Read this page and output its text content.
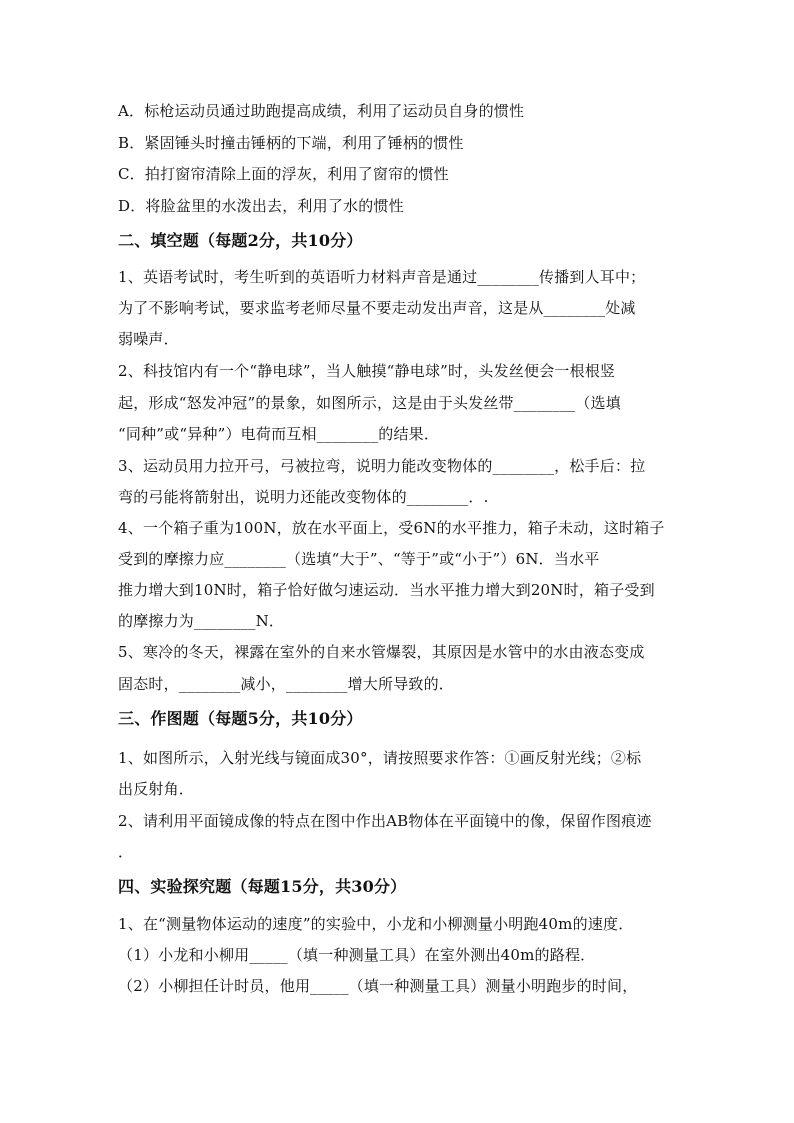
A．标枪运动员通过助跑提高成绩，利用了运动员自身的惯性
B．紧固锤头时撞击锤柄的下端，利用了锤柄的惯性
C．拍打窗帘清除上面的浮灰，利用了窗帘的惯性
D．将脸盆里的水泼出去，利用了水的惯性
二、填空题（每题2分，共10分）
1、英语考试时，考生听到的英语听力材料声音是通过________传播到人耳中；
为了不影响考试，要求监考老师尽量不要走动发出声音，这是从________处减
弱噪声．
2、科技馆内有一个“静电球”，当人触摸“静电球”时，头发丝便会一根根竖
起，形成“怒发冲冠”的景象，如图所示，这是由于头发丝带________（选填
“同种”或“异种”）电荷而互相________的结果．
3、运动员用力拉开弓，弓被拉弯，说明力能改变物体的________，松手后：拉
弯的弓能将箭射出，说明力还能改变物体的________．.
4、一个箱子重为100N，放在水平面上，受6N的水平推力，箱子未动，这时箱子
受到的摩擦力应________（选填“大于”、“等于”或“小于”）6N．当水平
推力增大到10N时，箱子恰好做匀速运动．当水平推力增大到20N时，箱子受到
的摩擦力为________N．
5、寒冷的冬天，裸露在室外的自来水管爆裂，其原因是水管中的水由液态变成
固态时，________减小，________增大所导致的．
三、作图题（每题5分，共10分）
1、如图所示，入射光线与镜面成30°，请按照要求作答：①画反射光线；②标
出反射角．
2、请利用平面镜成像的特点在图中作出AB物体在平面镜中的像，保留作图痕迹
．
四、实验探究题（每题15分，共30分）
1、在“测量物体运动的速度”的实验中，小龙和小柳测量小明跑40m的速度．
（1）小龙和小柳用_____（填一种测量工具）在室外测出40m的路程．
（2）小柳担任计时员，他用_____（填一种测量工具）测量小明跑步的时间，
